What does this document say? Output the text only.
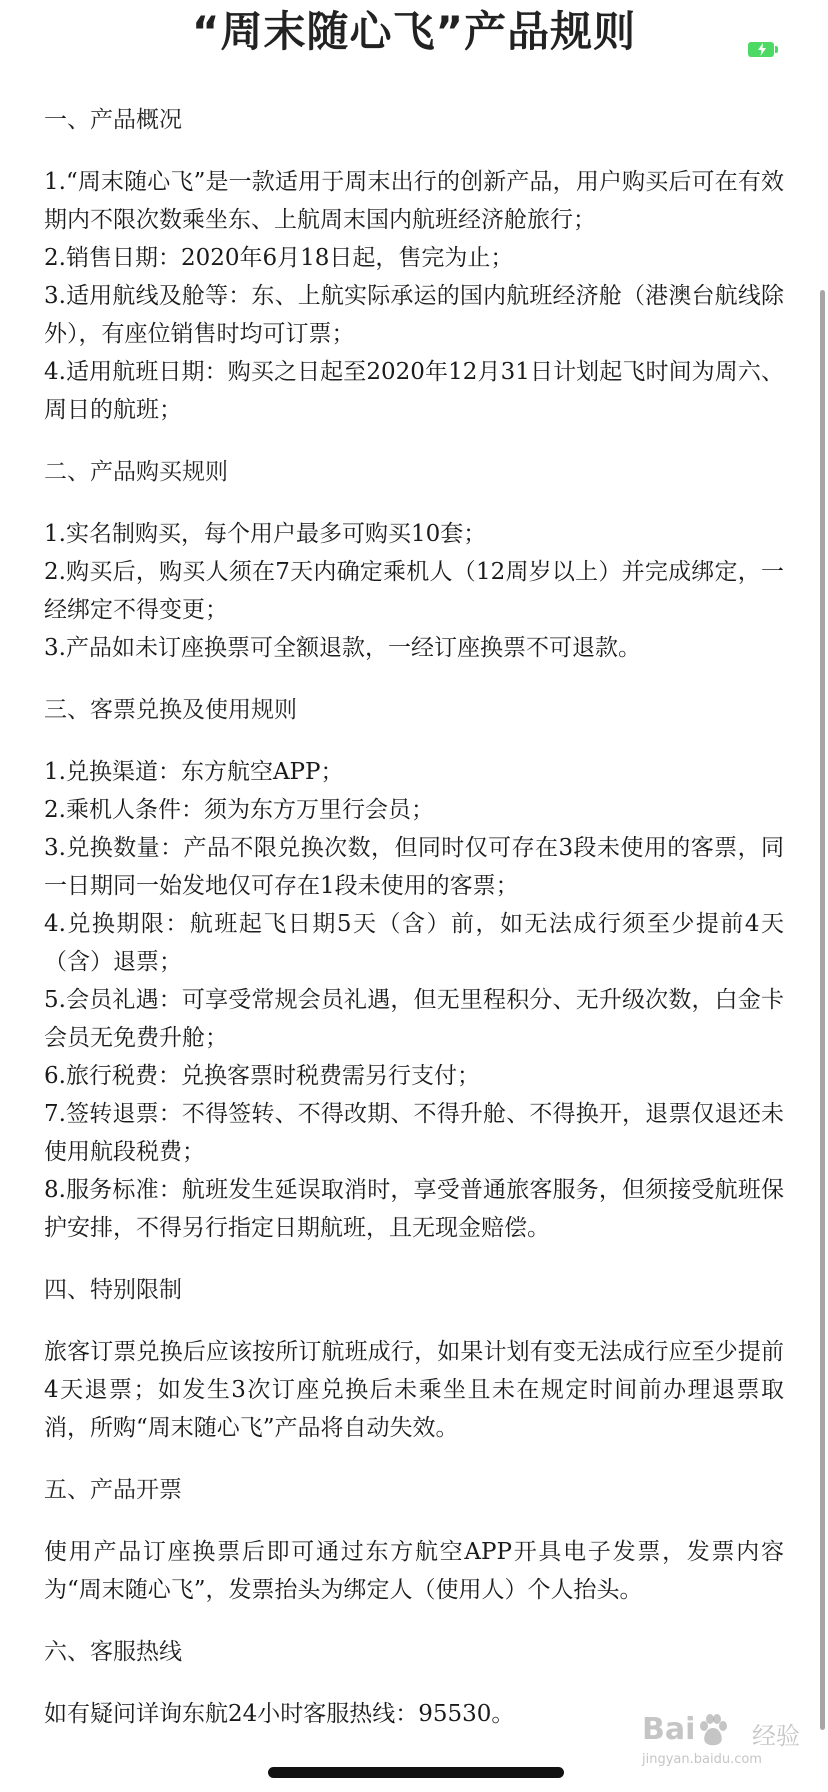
“周末随心飞”产品规则
一、产品概况
1.“周末随心飞”是一款适用于周末出行的创新产品，用户购买后可在有效期内不限次数乘坐东、上航周末国内航班经济舱旅行；
2.销售日期：2020年6月18日起，售完为止；
3.适用航线及舱等：东、上航实际承运的国内航班经济舱（港澳台航线除外），有座位销售时均可订票；
4.适用航班日期：购买之日起至2020年12月31日计划起飞时间为周六、周日的航班；
二、产品购买规则
1.实名制购买，每个用户最多可购买10套；
2.购买后，购买人须在7天内确定乘机人（12周岁以上）并完成绑定，一经绑定不得变更；
3.产品如未订座换票可全额退款，一经订座换票不可退款。
三、客票兑换及使用规则
1.兑换渠道：东方航空APP；
2.乘机人条件：须为东方万里行会员；
3.兑换数量：产品不限兑换次数，但同时仅可存在3段未使用的客票，同一日期同一始发地仅可存在1段未使用的客票；
4.兑换期限：航班起飞日期5天（含）前，如无法成行须至少提前4天（含）退票；
5.会员礼遇：可享受常规会员礼遇，但无里程积分、无升级次数，白金卡会员无免费升舱；
6.旅行税费：兑换客票时税费需另行支付；
7.签转退票：不得签转、不得改期、不得升舱、不得换开，退票仅退还未使用航段税费；
8.服务标准：航班发生延误取消时，享受普通旅客服务，但须接受航班保护安排，不得另行指定日期航班，且无现金赔偿。
四、特别限制
旅客订票兑换后应该按所订航班成行，如果计划有变无法成行应至少提前4天退票；如发生3次订座兑换后未乘坐且未在规定时间前办理退票取消，所购“周末随心飞”产品将自动失效。
五、产品开票
使用产品订座换票后即可通过东方航空APP开具电子发票，发票内容为“周末随心飞”，发票抬头为绑定人（使用人）个人抬头。
六、客服热线
如有疑问详询东航24小时客服热线：95530。	Bai 经验
jingyan.baidu.com
